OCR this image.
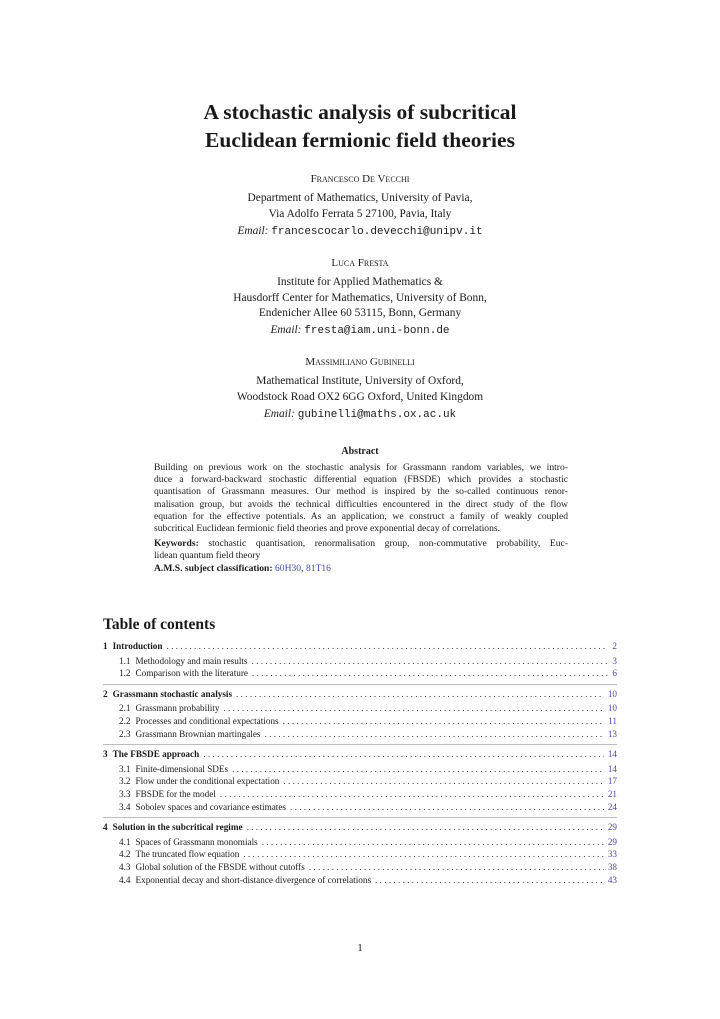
A stochastic analysis of subcritical
Euclidean fermionic field theories
Francesco De Vecchi
Department of Mathematics, University of Pavia,
Via Adolfo Ferrata 5 27100, Pavia, Italy
Email: francescocarlo.devecchi@unipv.it
Luca Fresta
Institute for Applied Mathematics &
Hausdorff Center for Mathematics, University of Bonn,
Endenicher Allee 60 53115, Bonn, Germany
Email: fresta@iam.uni-bonn.de
Massimiliano Gubinelli
Mathematical Institute, University of Oxford,
Woodstock Road OX2 6GG Oxford, United Kingdom
Email: gubinelli@maths.ox.ac.uk
Abstract
Building on previous work on the stochastic analysis for Grassmann random variables, we intro-
duce a forward-backward stochastic differential equation (FBSDE) which provides a stochastic
quantisation of Grassmann measures. Our method is inspired by the so-called continuous renor-
malisation group, but avoids the technical difficulties encountered in the direct study of the flow
equation for the effective potentials. As an application, we construct a family of weakly coupled
subcritical Euclidean fermionic field theories and prove exponential decay of correlations.
Keywords: stochastic quantisation, renormalisation group, non-commutative probability, Euc-
lidean quantum field theory
A.M.S. subject classification: 60H30, 81T16
Table of contents
1 Introduction . . .	2
1.1 Methodology and main results . . .	3
1.2 Comparison with the literature . . .	6
2 Grassmann stochastic analysis . . .	10
2.1 Grassmann probability . . .	10
2.2 Processes and conditional expectations . . .	11
2.3 Grassmann Brownian martingales . . .	13
3 The FBSDE approach . . .	14
3.1 Finite-dimensional SDEs . . .	14
3.2 Flow under the conditional expectation . . .	17
3.3 FBSDE for the model . . .	21
3.4 Sobolev spaces and covariance estimates . . .	24
4 Solution in the subcritical regime . . .	29
4.1 Spaces of Grassmann monomials . . .	29
4.2 The truncated flow equation . . .	33
4.3 Global solution of the FBSDE without cutoffs . . .	38
4.4 Exponential decay and short-distance divergence of correlations . . .	43
1
